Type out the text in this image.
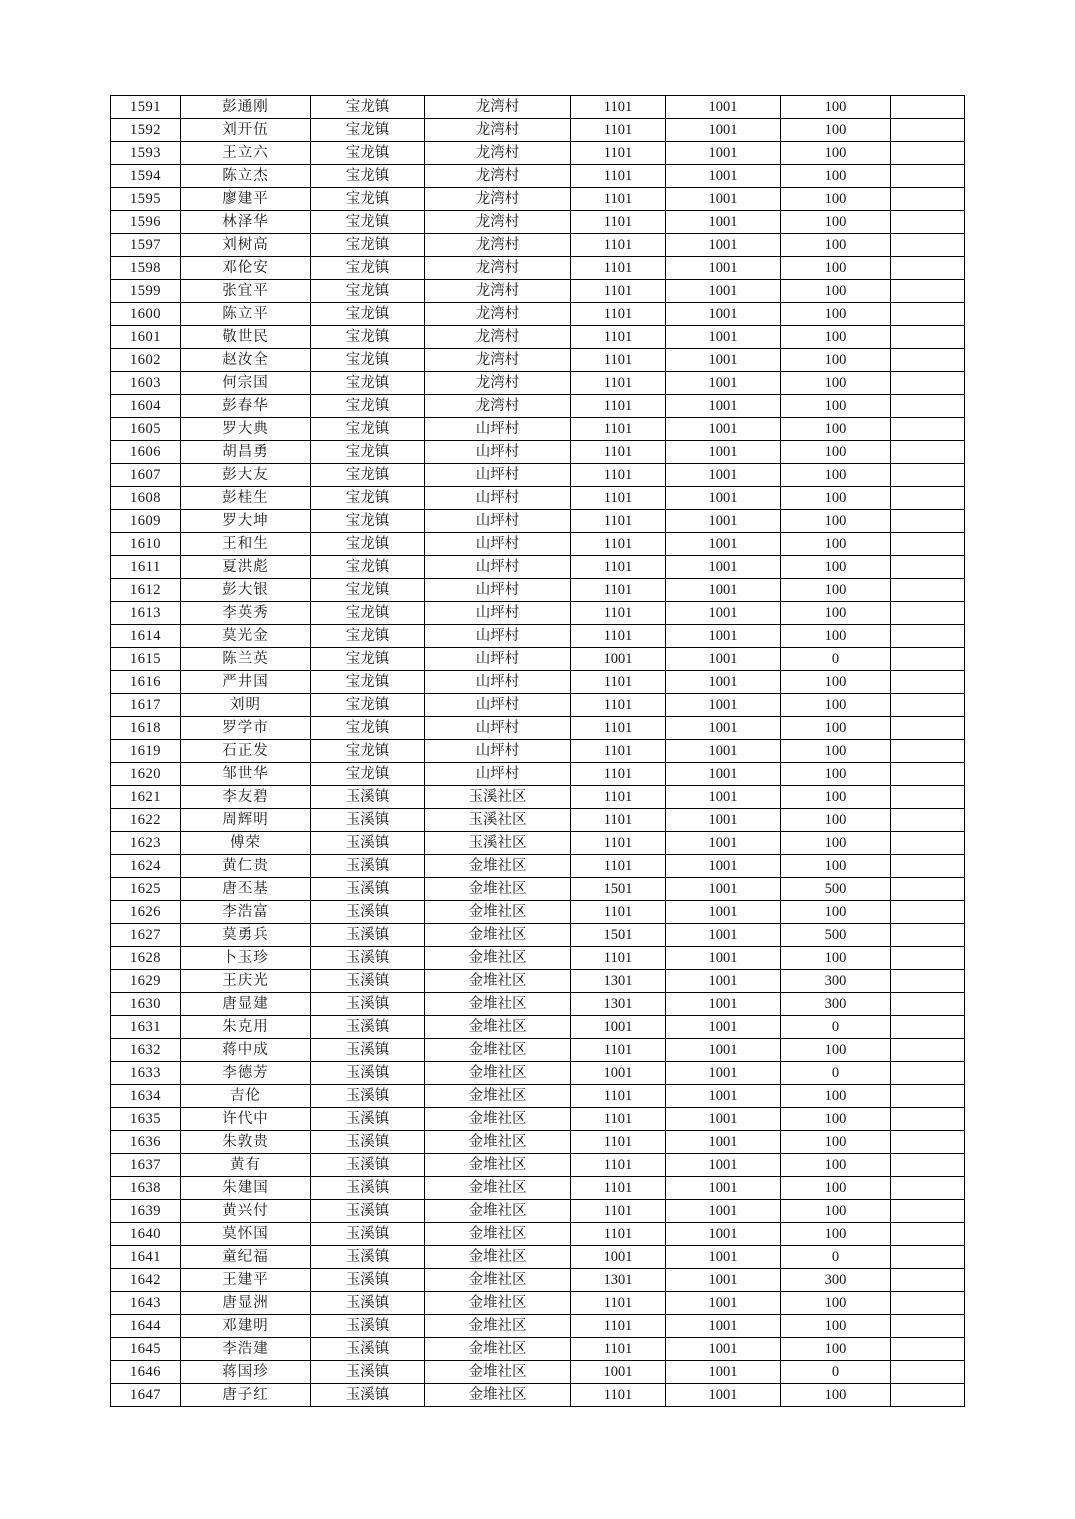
1591	彭通刚	宝龙镇	龙湾村	1101	1001	100	
1592	刘开伍	宝龙镇	龙湾村	1101	1001	100	
1593	王立六	宝龙镇	龙湾村	1101	1001	100	
1594	陈立杰	宝龙镇	龙湾村	1101	1001	100	
1595	廖建平	宝龙镇	龙湾村	1101	1001	100	
1596	林泽华	宝龙镇	龙湾村	1101	1001	100	
1597	刘树高	宝龙镇	龙湾村	1101	1001	100	
1598	邓伦安	宝龙镇	龙湾村	1101	1001	100	
1599	张宜平	宝龙镇	龙湾村	1101	1001	100	
1600	陈立平	宝龙镇	龙湾村	1101	1001	100	
1601	敬世民	宝龙镇	龙湾村	1101	1001	100	
1602	赵汝全	宝龙镇	龙湾村	1101	1001	100	
1603	何宗国	宝龙镇	龙湾村	1101	1001	100	
1604	彭春华	宝龙镇	龙湾村	1101	1001	100	
1605	罗大典	宝龙镇	山坪村	1101	1001	100	
1606	胡昌勇	宝龙镇	山坪村	1101	1001	100	
1607	彭大友	宝龙镇	山坪村	1101	1001	100	
1608	彭桂生	宝龙镇	山坪村	1101	1001	100	
1609	罗大坤	宝龙镇	山坪村	1101	1001	100	
1610	王和生	宝龙镇	山坪村	1101	1001	100	
1611	夏洪彪	宝龙镇	山坪村	1101	1001	100	
1612	彭大银	宝龙镇	山坪村	1101	1001	100	
1613	李英秀	宝龙镇	山坪村	1101	1001	100	
1614	莫光金	宝龙镇	山坪村	1101	1001	100	
1615	陈兰英	宝龙镇	山坪村	1001	1001	0	
1616	严井国	宝龙镇	山坪村	1101	1001	100	
1617	刘明	宝龙镇	山坪村	1101	1001	100	
1618	罗学市	宝龙镇	山坪村	1101	1001	100	
1619	石正发	宝龙镇	山坪村	1101	1001	100	
1620	邹世华	宝龙镇	山坪村	1101	1001	100	
1621	李友碧	玉溪镇	玉溪社区	1101	1001	100	
1622	周辉明	玉溪镇	玉溪社区	1101	1001	100	
1623	傅荣	玉溪镇	玉溪社区	1101	1001	100	
1624	黄仁贵	玉溪镇	金堆社区	1101	1001	100	
1625	唐丕基	玉溪镇	金堆社区	1501	1001	500	
1626	李浩富	玉溪镇	金堆社区	1101	1001	100	
1627	莫勇兵	玉溪镇	金堆社区	1501	1001	500	
1628	卜玉珍	玉溪镇	金堆社区	1101	1001	100	
1629	王庆光	玉溪镇	金堆社区	1301	1001	300	
1630	唐显建	玉溪镇	金堆社区	1301	1001	300	
1631	朱克用	玉溪镇	金堆社区	1001	1001	0	
1632	蒋中成	玉溪镇	金堆社区	1101	1001	100	
1633	李德芳	玉溪镇	金堆社区	1001	1001	0	
1634	吉伦	玉溪镇	金堆社区	1101	1001	100	
1635	许代中	玉溪镇	金堆社区	1101	1001	100	
1636	朱敦贵	玉溪镇	金堆社区	1101	1001	100	
1637	黄有	玉溪镇	金堆社区	1101	1001	100	
1638	朱建国	玉溪镇	金堆社区	1101	1001	100	
1639	黄兴付	玉溪镇	金堆社区	1101	1001	100	
1640	莫怀国	玉溪镇	金堆社区	1101	1001	100	
1641	童纪福	玉溪镇	金堆社区	1001	1001	0	
1642	王建平	玉溪镇	金堆社区	1301	1001	300	
1643	唐显洲	玉溪镇	金堆社区	1101	1001	100	
1644	邓建明	玉溪镇	金堆社区	1101	1001	100	
1645	李浩建	玉溪镇	金堆社区	1101	1001	100	
1646	蒋国珍	玉溪镇	金堆社区	1001	1001	0	
1647	唐子红	玉溪镇	金堆社区	1101	1001	100	
